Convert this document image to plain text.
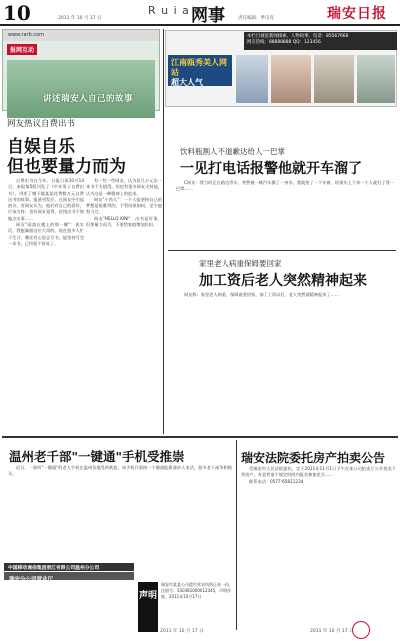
10	R u i a n
网事
2011 年 10 月 17 日	责任编辑：季宗育	瑞安日报
www.rarb.com
报网互动
讲述瑞安人自己的故事
网友热议自费出书
自娱自乐
但也要量力而为

自费出书在今年、日报日讯10月14日，本报第5版刊发了《中年男子自费出书》，讲述了塘下镇某某花费数万元自费出书的故事。报道刊发后，在网友中引起热议。有网友认为，他们有自己的爱好，应该支持；也有网友觉得，花钱出书不如做点实事……

网友"雨落在楼上的那一颗"：说实话，我挺佩服这位大哥的。现在很多人忙于生计，哪还有心思去写书，能坚持写完一本书，已经很不容易了。

有一些一些网友，认为花几万元出一本书不太值得。但也有很多网友支持他，认为这是一种精神上的追求。

网友"小鱼儿"：一个人能坚持自己的梦想是很难得的，不管结果如何，至少他努力过。

网友"HELLO KINI"：出书是好事，但要量力而为，不要给家庭增加负担。

本栏目诚征新闻线索、人物故事，电话：85567666
网友热线：88888888 QQ：123456
江南瓯秀美人网站
超大人气
饮料瓶割人不道歉达给人一巴掌
一见打电话报警他就开车溜了

C网友：我当时正在路边等车，突然被一辆汽车溅了一身水，我就拍了一下车窗，结果车上下来一个人就打了我一巴掌……

家里老人病重保姆要回家
加工资后老人突然精神起来

网友称：家里老人病重，保姆说要回家，加了工资以后，老人突然就精神起来了……

温州老千部"一键通"手机受推崇

近日，一款叫"一键通"的老人手机在温州各地受到欢迎，该手机只需按一个键就能拨通亲人电话，很多老干部争相购买。

中国移动通信集团浙江有限公司温州分公司
瑞安分公司营业厅
声明
瑞安市某某公司遗失营业执照正本一份，注册号：330381000012345，声明作废。2011年10月17日
瑞安法院委托房产拍卖公告

受瑞安市人民法院委托，定于2011年11月1日下午在本公司拍卖厅公开拍卖下列房产，有意者请于规定时间内报名参加竞买……

联系电话：0577-65811234

2011 年 10 月 17 日
2011 年 10 月 17 日
